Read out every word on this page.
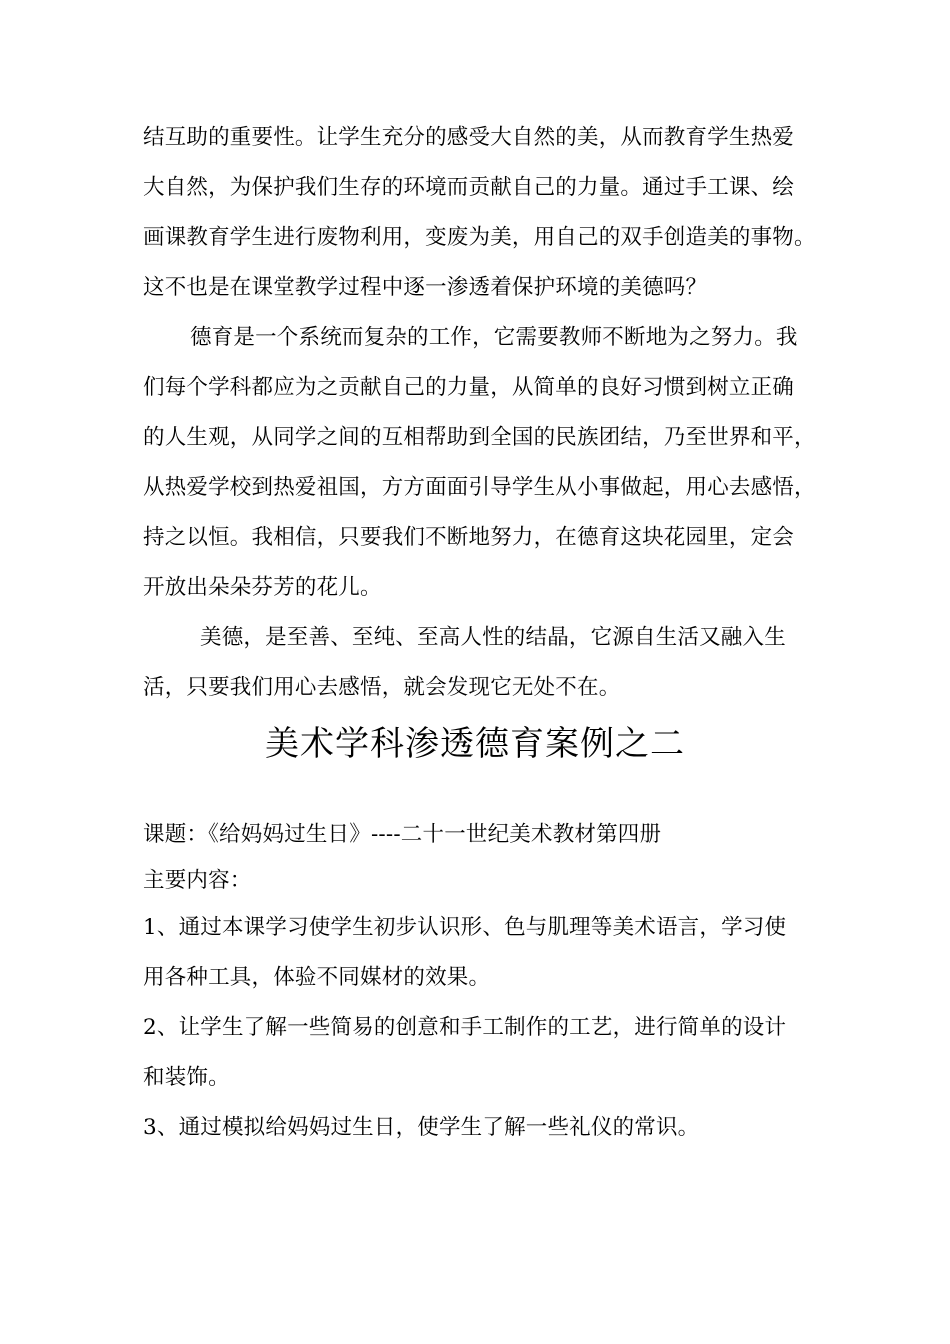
结互助的重要性。让学生充分的感受大自然的美，从而教育学生热爱
大自然，为保护我们生存的环境而贡献自己的力量。通过手工课、绘
画课教育学生进行废物利用，变废为美，用自己的双手创造美的事物。
这不也是在课堂教学过程中逐一渗透着保护环境的美德吗？
德育是一个系统而复杂的工作，它需要教师不断地为之努力。我
们每个学科都应为之贡献自己的力量，从简单的良好习惯到树立正确
的人生观，从同学之间的互相帮助到全国的民族团结，乃至世界和平，
从热爱学校到热爱祖国，方方面面引导学生从小事做起，用心去感悟，
持之以恒。我相信，只要我们不断地努力，在德育这块花园里，定会
开放出朵朵芬芳的花儿。
美德，是至善、至纯、至高人性的结晶，它源自生活又融入生
活，只要我们用心去感悟，就会发现它无处不在。
美术学科渗透德育案例之二
课题：《给妈妈过生日》----二十一世纪美术教材第四册
主要内容：
1、通过本课学习使学生初步认识形、色与肌理等美术语言，学习使
用各种工具，体验不同媒材的效果。
2、让学生了解一些简易的创意和手工制作的工艺，进行简单的设计
和装饰。
3、通过模拟给妈妈过生日，使学生了解一些礼仪的常识。
